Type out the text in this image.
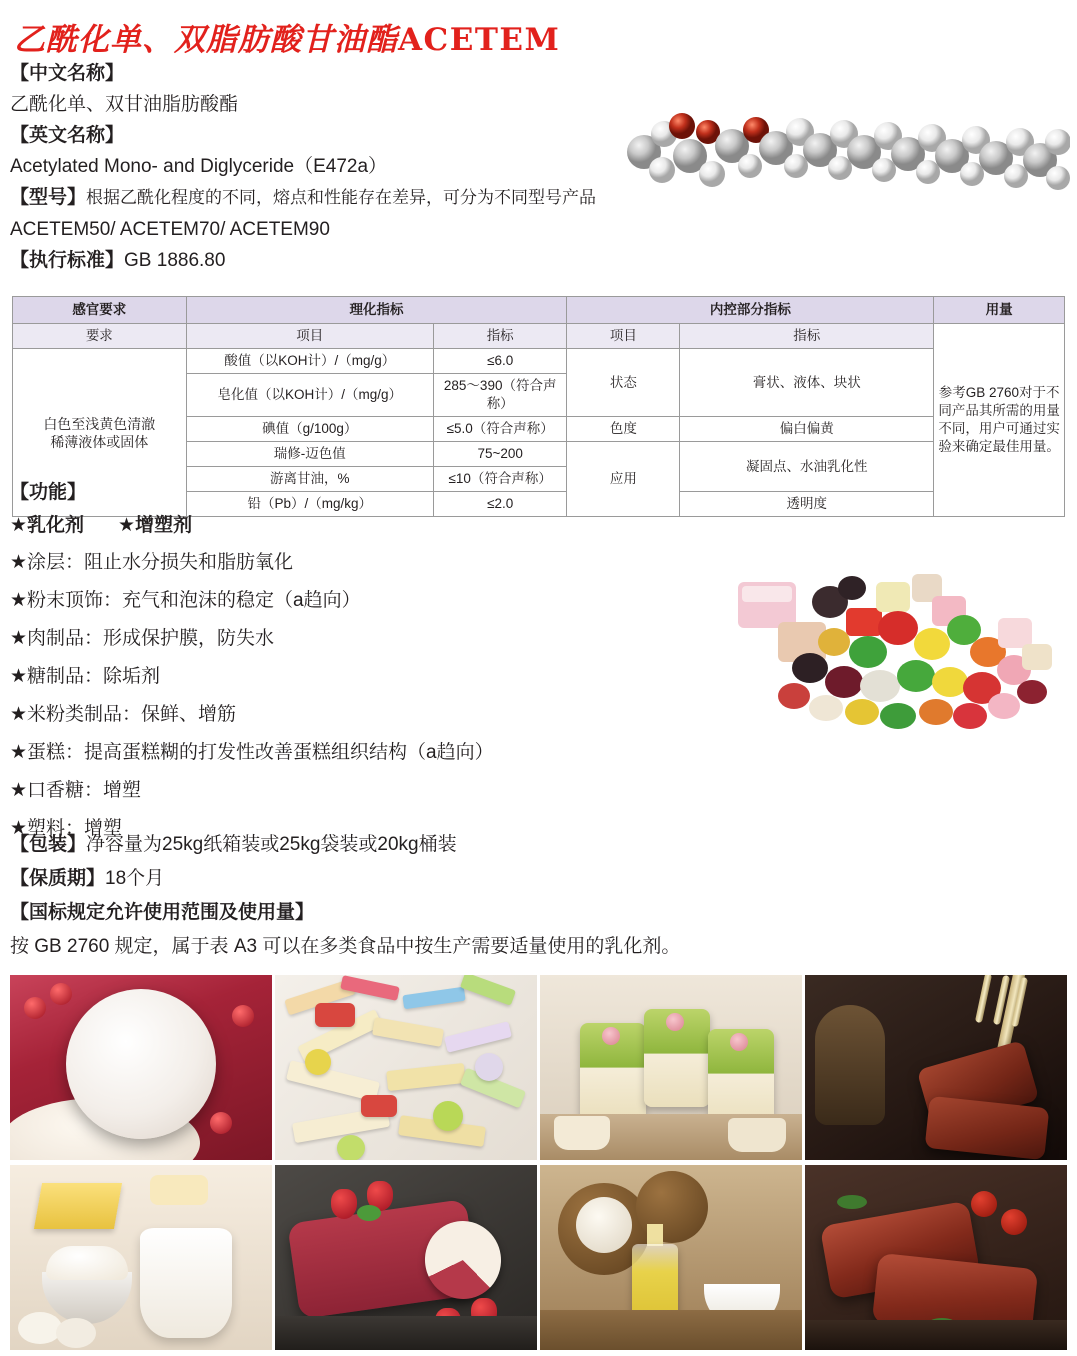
乙酰化单、双脂肪酸甘油酯ACETEM
【中文名称】
乙酰化单、双甘油脂肪酸酯
【英文名称】
Acetylated Mono- and Diglyceride（E472a）
【型号】根据乙酰化程度的不同，熔点和性能存在差异，可分为不同型号产品
ACETEM50/ ACETEM70/ ACETEM90
【执行标准】GB 1886.80
感官要求	理化指标		内控部分指标		用量
要求	项目	指标	项目	指标	参考GB 2760对于不同产品其所需的用量不同，用户可通过实验来确定最佳用量。
白色至浅黄色清澈
稀薄液体或固体	酸值（以KOH计）/（mg/g）	≤6.0	状态	膏状、液体、块状	
	皂化值（以KOH计）/（mg/g）	285～390（符合声称）			
	碘值（g/100g）	≤5.0（符合声称）	色度	偏白偏黄	
	瑞修-迈色值	75~200	应用	凝固点、水油乳化性	
	游离甘油，%	≤10（符合声称）			
	铅（Pb）/（mg/kg）	≤2.0		透明度	
【功能】
★乳化剂 ★增塑剂
★涂层：阻止水分损失和脂肪氧化
★粉末顶饰：充气和泡沫的稳定（a趋向）
★肉制品：形成保护膜，防失水
★糖制品：除垢剂
★米粉类制品：保鲜、增筋
★蛋糕：提高蛋糕糊的打发性改善蛋糕组织结构（a趋向）
★口香糖：增塑
★塑料：增塑
【包装】净容量为25kg纸箱装或25kg袋装或20kg桶装
【保质期】18个月
【国标规定允许使用范围及使用量】
按 GB 2760 规定，属于表 A3 可以在多类食品中按生产需要适量使用的乳化剂。
